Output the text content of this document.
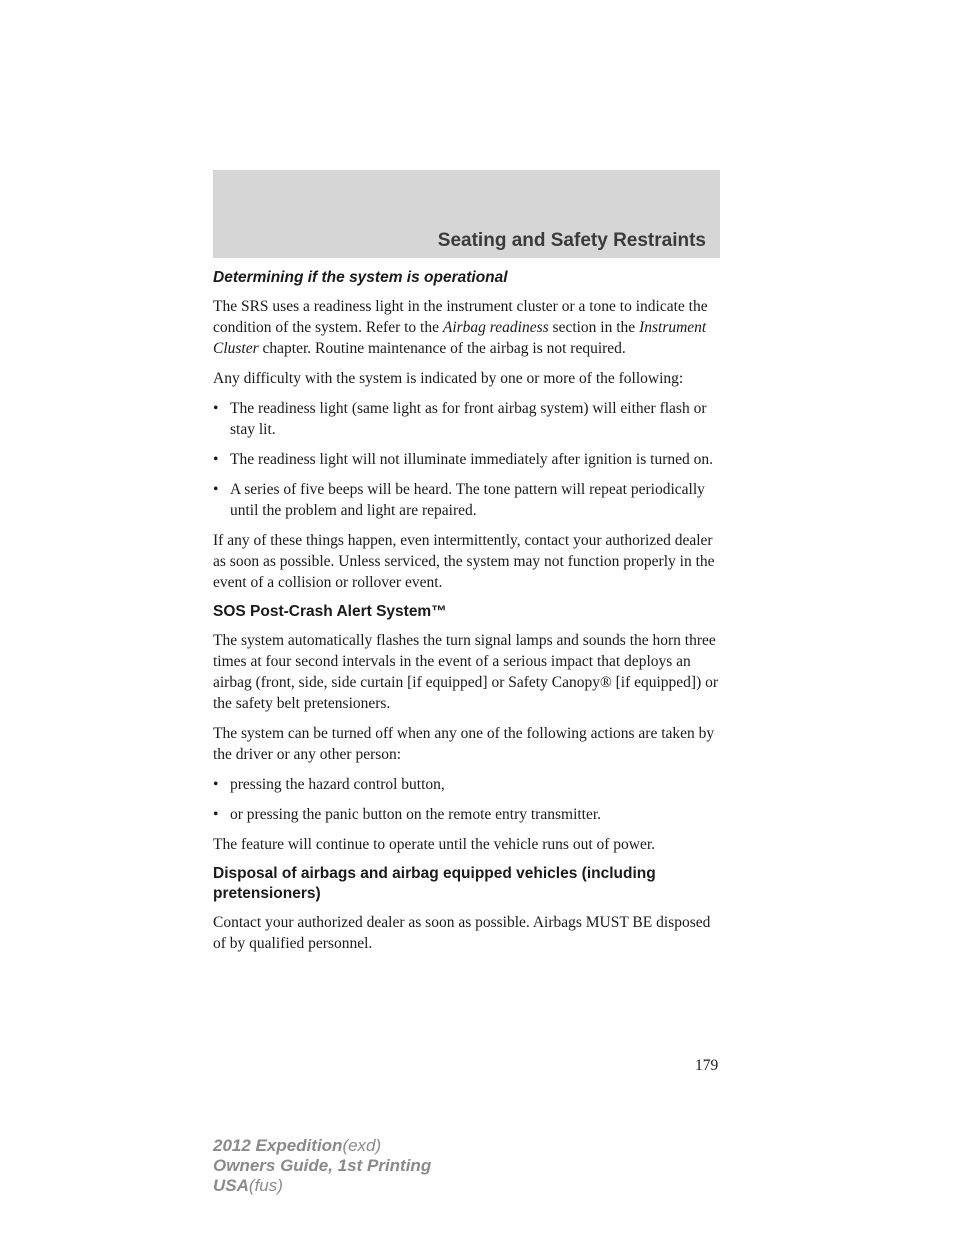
Seating and Safety Restraints
Determining if the system is operational

The SRS uses a readiness light in the instrument cluster or a tone to indicate the condition of the system. Refer to the Airbag readiness section in the Instrument Cluster chapter. Routine maintenance of the airbag is not required.

Any difficulty with the system is indicated by one or more of the following:

• The readiness light (same light as for front airbag system) will either flash or stay lit.
• The readiness light will not illuminate immediately after ignition is turned on.
• A series of five beeps will be heard. The tone pattern will repeat periodically until the problem and light are repaired.

If any of these things happen, even intermittently, contact your authorized dealer as soon as possible. Unless serviced, the system may not function properly in the event of a collision or rollover event.

SOS Post-Crash Alert System™

The system automatically flashes the turn signal lamps and sounds the horn three times at four second intervals in the event of a serious impact that deploys an airbag (front, side, side curtain [if equipped] or Safety Canopy® [if equipped]) or the safety belt pretensioners.

The system can be turned off when any one of the following actions are taken by the driver or any other person:

• pressing the hazard control button,
• or pressing the panic button on the remote entry transmitter.

The feature will continue to operate until the vehicle runs out of power.

Disposal of airbags and airbag equipped vehicles (including pretensioners)

Contact your authorized dealer as soon as possible. Airbags MUST BE disposed of by qualified personnel.

179
2012 Expedition(exd)
Owners Guide, 1st Printing
USA(fus)
